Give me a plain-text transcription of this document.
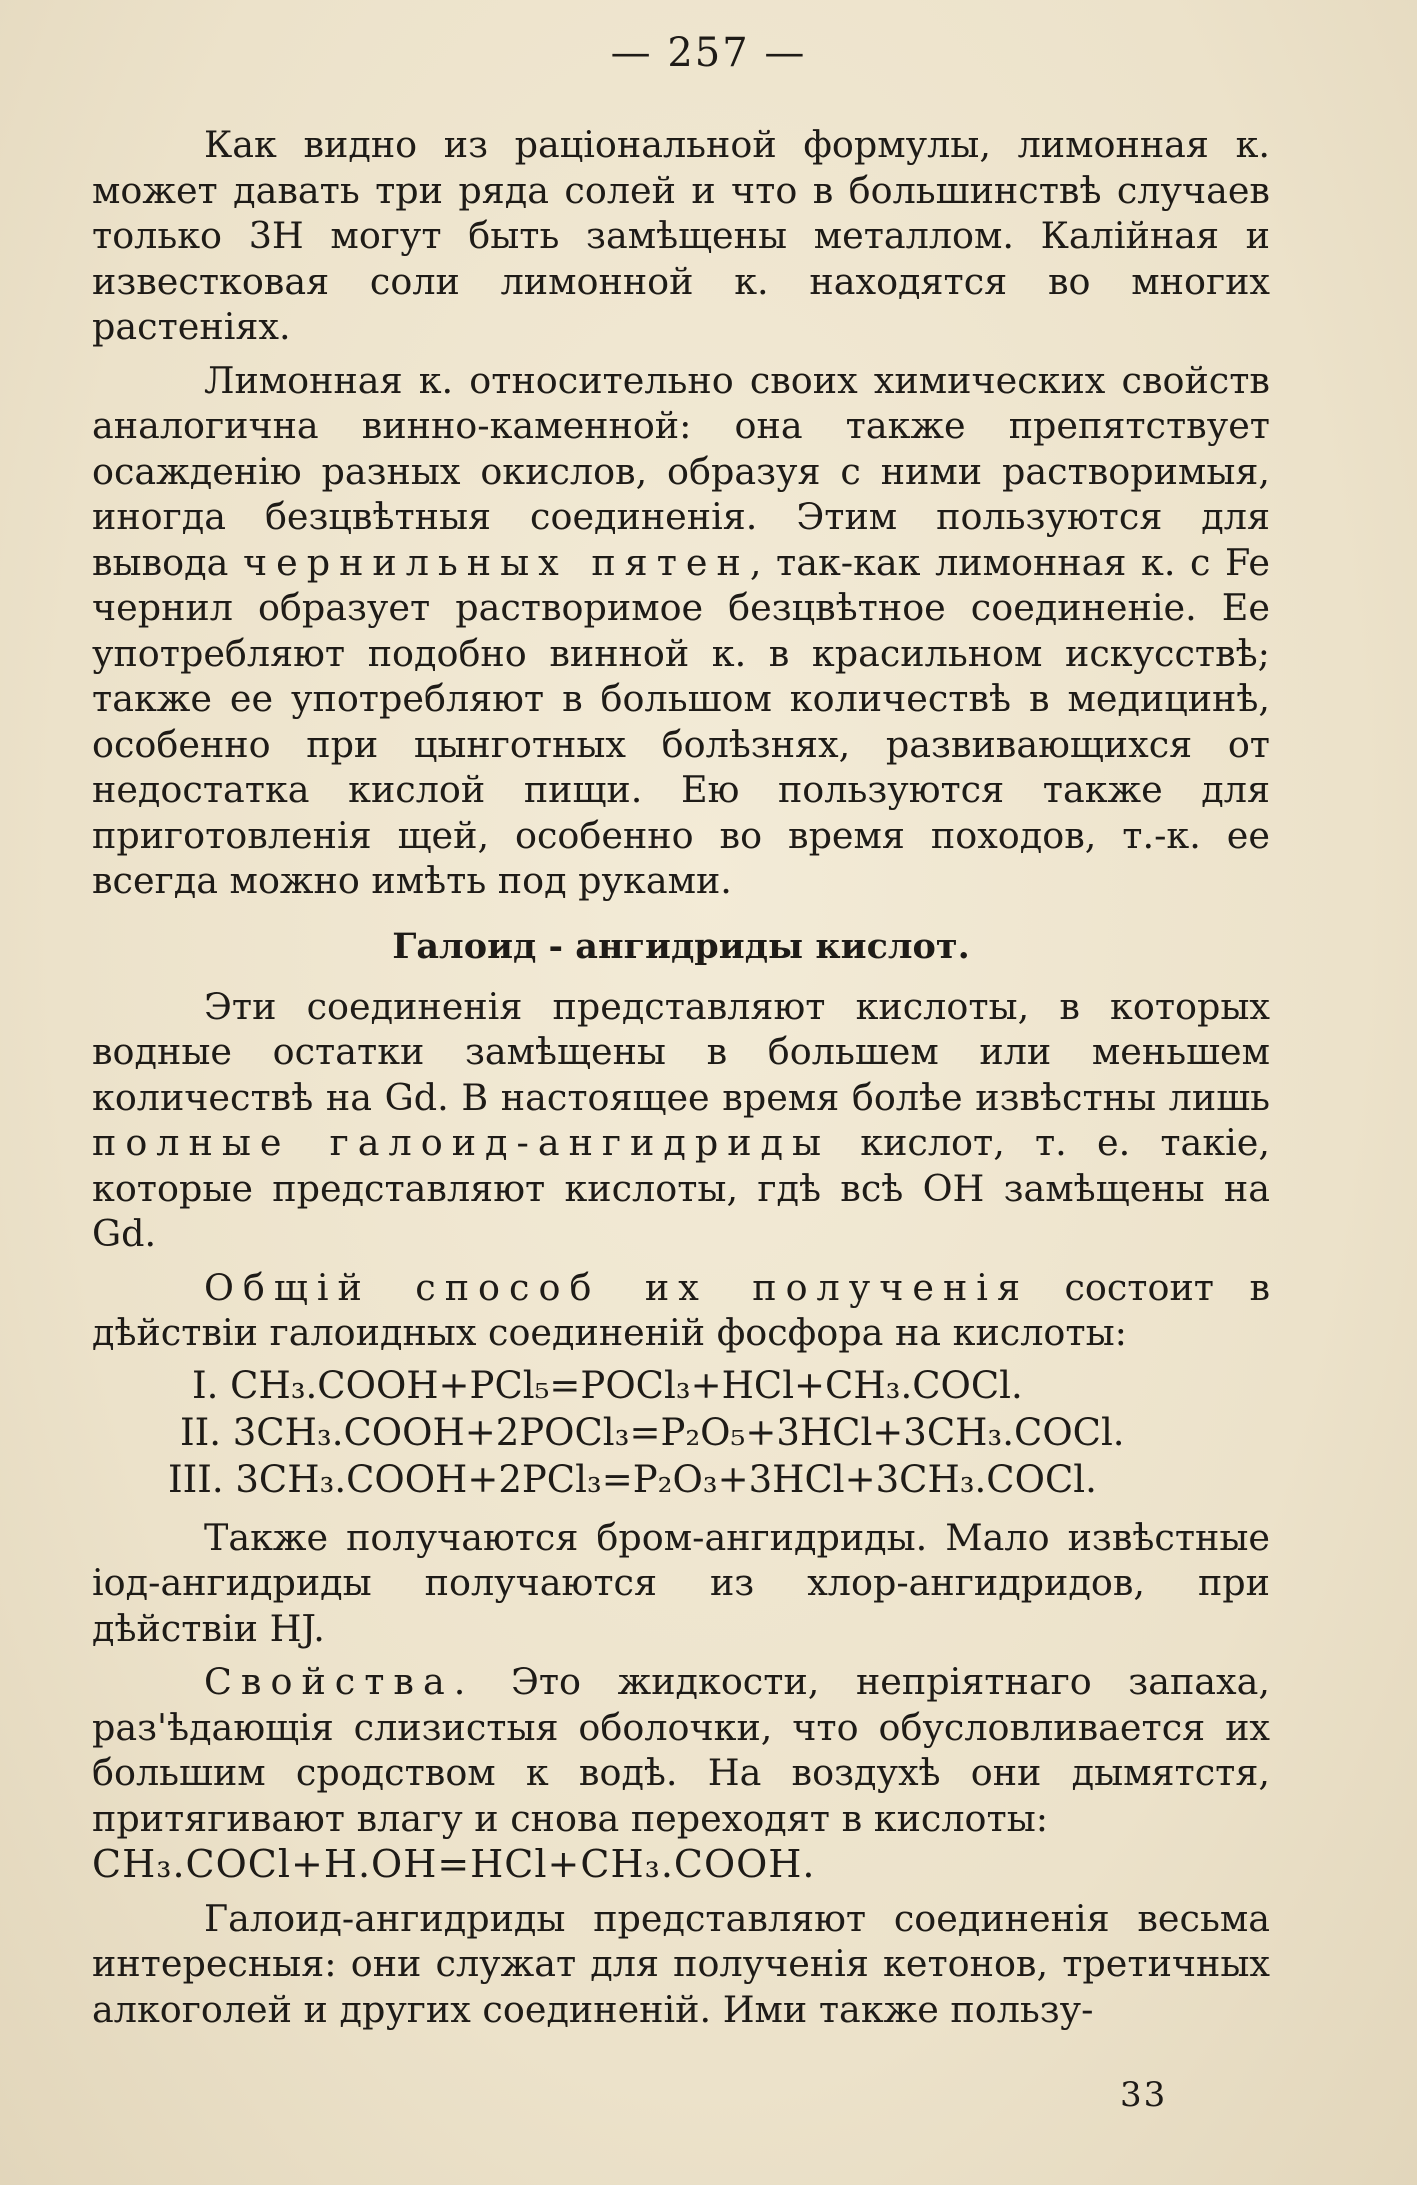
— 257 —

Как видно из раціональной формулы, лимонная к. может давать три ряда солей и что в большинствѣ случаев только 3H могут быть замѣщены металлом. Калійная и известковая соли лимонной к. находятся во многих растеніях.

Лимонная к. относительно своих химических свойств аналогична винно-каменной: она также препятствует осажденію разных окислов, образуя с ними растворимыя, иногда безцвѣтныя соединенія. Этим пользуются для вывода чернильных пятен, так-как лимонная к. с Fe чернил образует растворимое безцвѣтное соединеніе. Ее употребляют подобно винной к. в красильном искусствѣ; также ее употребляют в большом количествѣ в медицинѣ, особенно при цынготных болѣзнях, развивающихся от недостатка кислой пищи. Ею пользуются также для приготовленія щей, особенно во время походов, т.-к. ее всегда можно имѣть под руками.

Галоид - ангидриды кислот.

Эти соединенія представляют кислоты, в которых водные остатки замѣщены в большем или меньшем количествѣ на Gd. В настоящее время болѣе извѣстны лишь полные галоид-ангидриды кислот, т. е. такіе, которые представляют кислоты, гдѣ всѣ OH замѣщены на Gd.

Общій способ их полученія состоит в дѣйствіи галоидных соединеній фосфора на кислоты:

I. CH₃.COOH+PCl₅=POCl₃+HCl+CH₃.COCl.
II. 3CH₃.COOH+2POCl₃=P₂O₅+3HCl+3CH₃.COCl.
III. 3CH₃.COOH+2PCl₃=P₂O₃+3HCl+3CH₃.COCl.

Также получаются бром-ангидриды. Мало извѣстные іод-ангидриды получаются из хлор-ангидридов, при дѣйствіи HJ.

Свойства. Это жидкости, непріятнаго запаха, раз'ѣдающія слизистыя оболочки, что обусловливается их большим сродством к водѣ. На воздухѣ они дымятстя, притягивают влагу и снова переходят в кислоты:
CH₃.COCl+H.OH=HCl+CH₃.COOH.

Галоид-ангидриды представляют соединенія весьма интересныя: они служат для полученія кетонов, третичных алкоголей и других соединеній. Ими также пользу-

33
